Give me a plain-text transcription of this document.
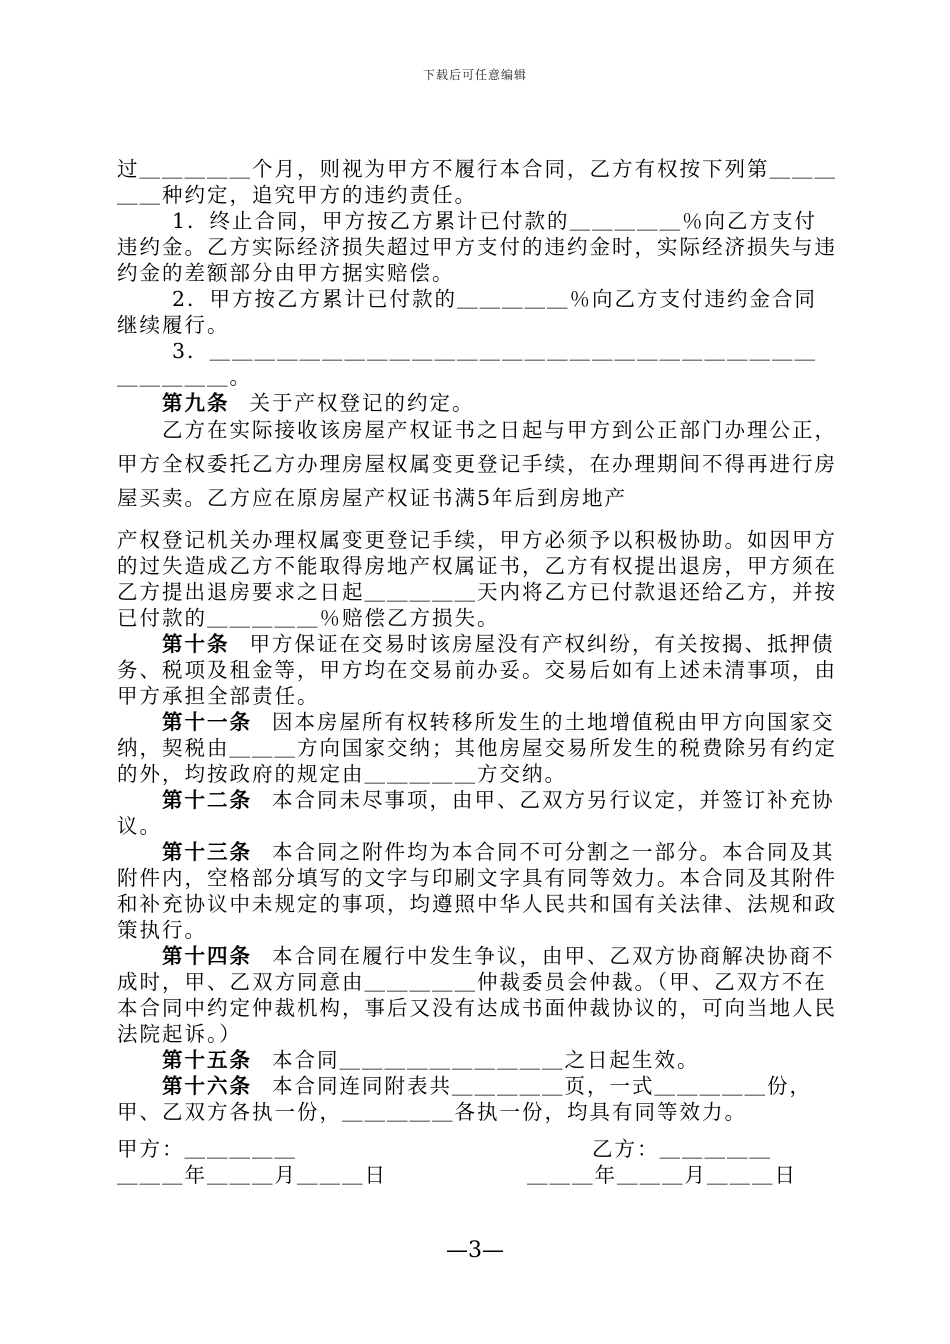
下载后可任意编辑

过＿＿＿＿＿个月，则视为甲方不履行本合同，乙方有权按下列第＿＿＿＿＿种约定，追究甲方的违约责任。

1．终止合同，甲方按乙方累计已付款的＿＿＿＿＿％向乙方支付违约金。乙方实际经济损失超过甲方支付的违约金时，实际经济损失与违约金的差额部分由甲方据实赔偿。

2．甲方按乙方累计已付款的＿＿＿＿＿％向乙方支付违约金合同继续履行。

3．＿＿＿＿＿＿＿＿＿＿＿＿＿＿＿＿＿＿＿＿＿＿＿＿＿＿＿＿＿＿＿＿。

第九条 关于产权登记的约定。

乙方在实际接收该房屋产权证书之日起与甲方到公正部门办理公正，甲方全权委托乙方办理房屋权属变更登记手续，在办理期间不得再进行房屋买卖。乙方应在原房屋产权证书满5年后到房地产

产权登记机关办理权属变更登记手续，甲方必须予以积极协助。如因甲方的过失造成乙方不能取得房地产权属证书，乙方有权提出退房，甲方须在乙方提出退房要求之日起＿＿＿＿＿天内将乙方已付款退还给乙方，并按已付款的＿＿＿＿＿％赔偿乙方损失。

第十条 甲方保证在交易时该房屋没有产权纠纷，有关按揭、抵押债务、税项及租金等，甲方均在交易前办妥。交易后如有上述未清事项，由甲方承担全部责任。

第十一条 因本房屋所有权转移所发生的土地增值税由甲方向国家交纳，契税由＿＿＿方向国家交纳；其他房屋交易所发生的税费除另有约定的外，均按政府的规定由＿＿＿＿＿方交纳。

第十二条 本合同未尽事项，由甲、乙双方另行议定，并签订补充协议。

第十三条 本合同之附件均为本合同不可分割之一部分。本合同及其附件内，空格部分填写的文字与印刷文字具有同等效力。本合同及其附件和补充协议中未规定的事项，均遵照中华人民共和国有关法律、法规和政策执行。

第十四条 本合同在履行中发生争议，由甲、乙双方协商解决协商不成时，甲、乙双方同意由＿＿＿＿＿仲裁委员会仲裁。（甲、乙双方不在本合同中约定仲裁机构，事后又没有达成书面仲裁协议的，可向当地人民法院起诉。）

第十五条 本合同＿＿＿＿＿＿＿＿＿＿之日起生效。

第十六条 本合同连同附表共＿＿＿＿＿页，一式＿＿＿＿＿份，甲、乙双方各执一份，＿＿＿＿＿各执一份，均具有同等效力。

甲方：＿＿＿＿＿	乙方：＿＿＿＿＿
＿＿＿年＿＿＿月＿＿＿日	＿＿＿年＿＿＿月＿＿＿日
—3—
